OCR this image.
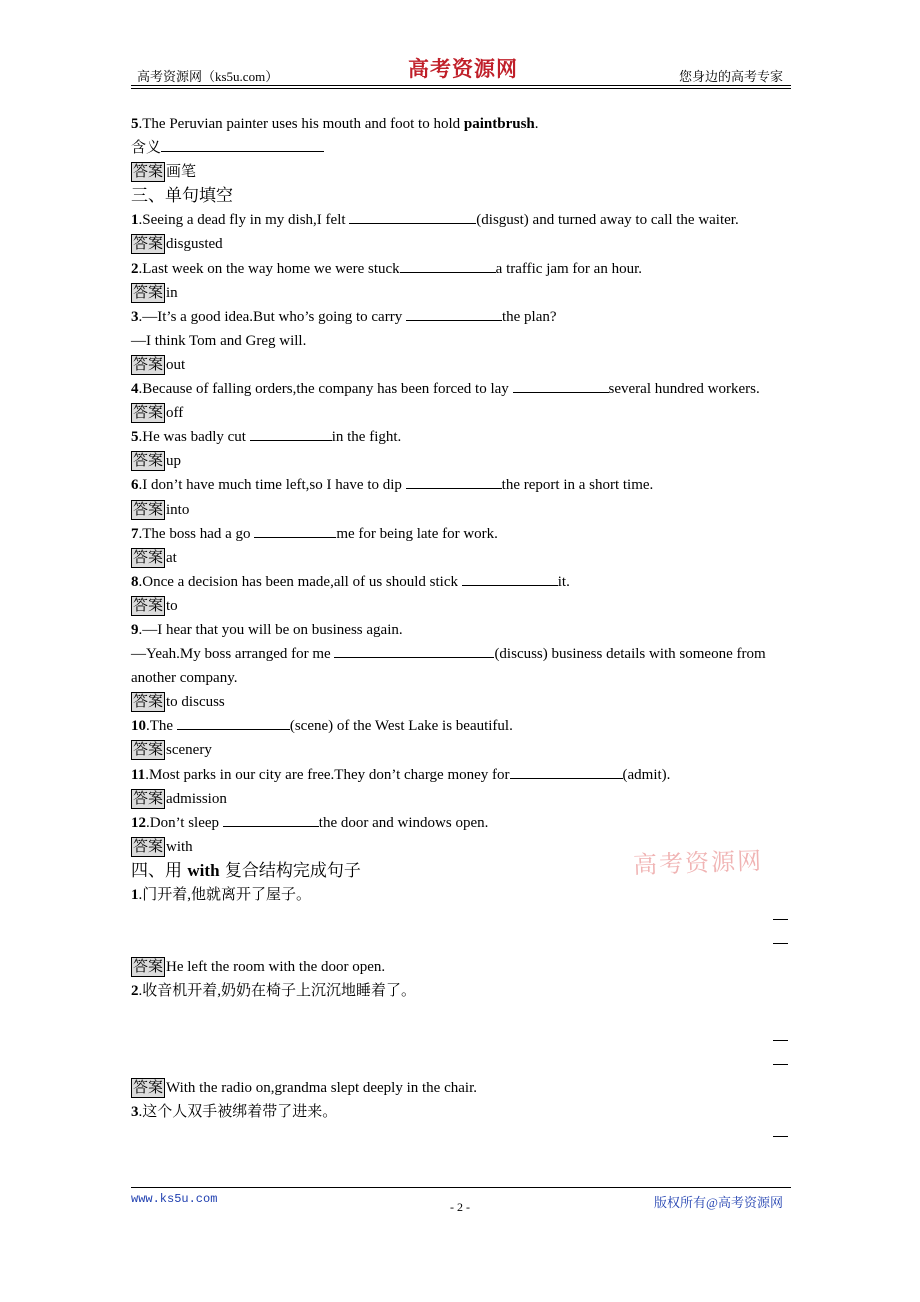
高考资源网（ks5u.com）	高考资源网	您身边的高考专家
5.The Peruvian painter uses his mouth and foot to hold paintbrush.
含义
答案 画笔
三、单句填空
1.Seeing a dead fly in my dish,I felt	(disgust) and turned away to call the waiter.
答案 disgusted
2.Last week on the way home we were stuck	a traffic jam for an hour.
答案 in
3.—It’s a good idea.But who’s going to carry	the plan?
—I think Tom and Greg will.
答案 out
4.Because of falling orders,the company has been forced to lay	several hundred workers.
答案 off
5.He was badly cut	in the fight.
答案 up
6.I don’t have much time left,so I have to dip	the report in a short time.
答案 into
7.The boss had a go	me for being late for work.
答案 at
8.Once a decision has been made,all of us should stick	it.
答案 to
9.—I hear that you will be on business again.
—Yeah.My boss arranged for me	(discuss) business details with someone from another company.
答案 to discuss
10.The	(scene) of the West Lake is beautiful.
答案 scenery
11.Most parks in our city are free.They don’t charge money for	(admit).
答案 admission
12.Don’t sleep	the door and windows open.
答案 with
四、用 with 复合结构完成句子
1.门开着,他就离开了屋子。
答案 He left the room with the door open.
2.收音机开着,奶奶在椅子上沉沉地睡着了。
答案 With the radio on,grandma slept deeply in the chair.
3.这个人双手被绑着带了进来。
高考资源网
www.ks5u.com
- 2 -	版权所有@高考资源网
